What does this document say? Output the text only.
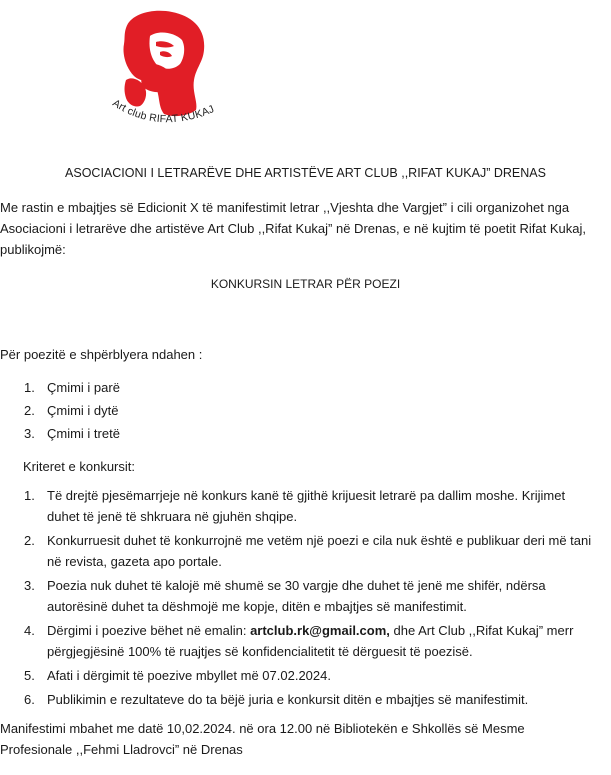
Art club RIFAT KUKAJ
ASOCIACIONI I LETRARËVE DHE ARTISTËVE ART CLUB ,,RIFAT KUKAJ” DRENAS
Me rastin e mbajtjes së Edicionit X të manifestimit letrar ,,Vjeshta dhe Vargjet” i cili organizohet nga Asociacioni i letrarëve dhe artistëve Art Club ,,Rifat Kukaj” në Drenas, e në kujtim të poetit Rifat Kukaj, publikojmë:
KONKURSIN LETRAR PËR POEZI
Për poezitë e shpërblyera ndahen :
1. Çmimi i parë
2. Çmimi i dytë
3. Çmimi i tretë
Kriteret e konkursit:
1. Të drejtë pjesëmarrjeje në konkurs kanë të gjithë krijuesit letrarë pa dallim moshe. Krijimet duhet të jenë të shkruara në gjuhën shqipe.
2. Konkurruesit duhet të konkurrojnë me vetëm një poezi e cila nuk është e publikuar deri më tani në revista, gazeta apo portale.
3. Poezia nuk duhet të kalojë më shumë se 30 vargje dhe duhet të jenë me shifër, ndërsa autorësinë duhet ta dëshmojë me kopje, ditën e mbajtjes së manifestimit.
4. Dërgimi i poezive bëhet në emalin: artclub.rk@gmail.com, dhe Art Club ,,Rifat Kukaj” merr përgjegjësinë 100% të ruajtjes së konfidencialitetit të dërguesit të poezisë.
5. Afati i dërgimit të poezive mbyllet më 07.02.2024.
6. Publikimin e rezultateve do ta bëjë juria e konkursit ditën e mbajtjes së manifestimit.
Manifestimi mbahet me datë 10,02.2024. në ora 12.00 në Bibliotekën e Shkollës së Mesme Profesionale ,,Fehmi Lladrovci” në Drenas
